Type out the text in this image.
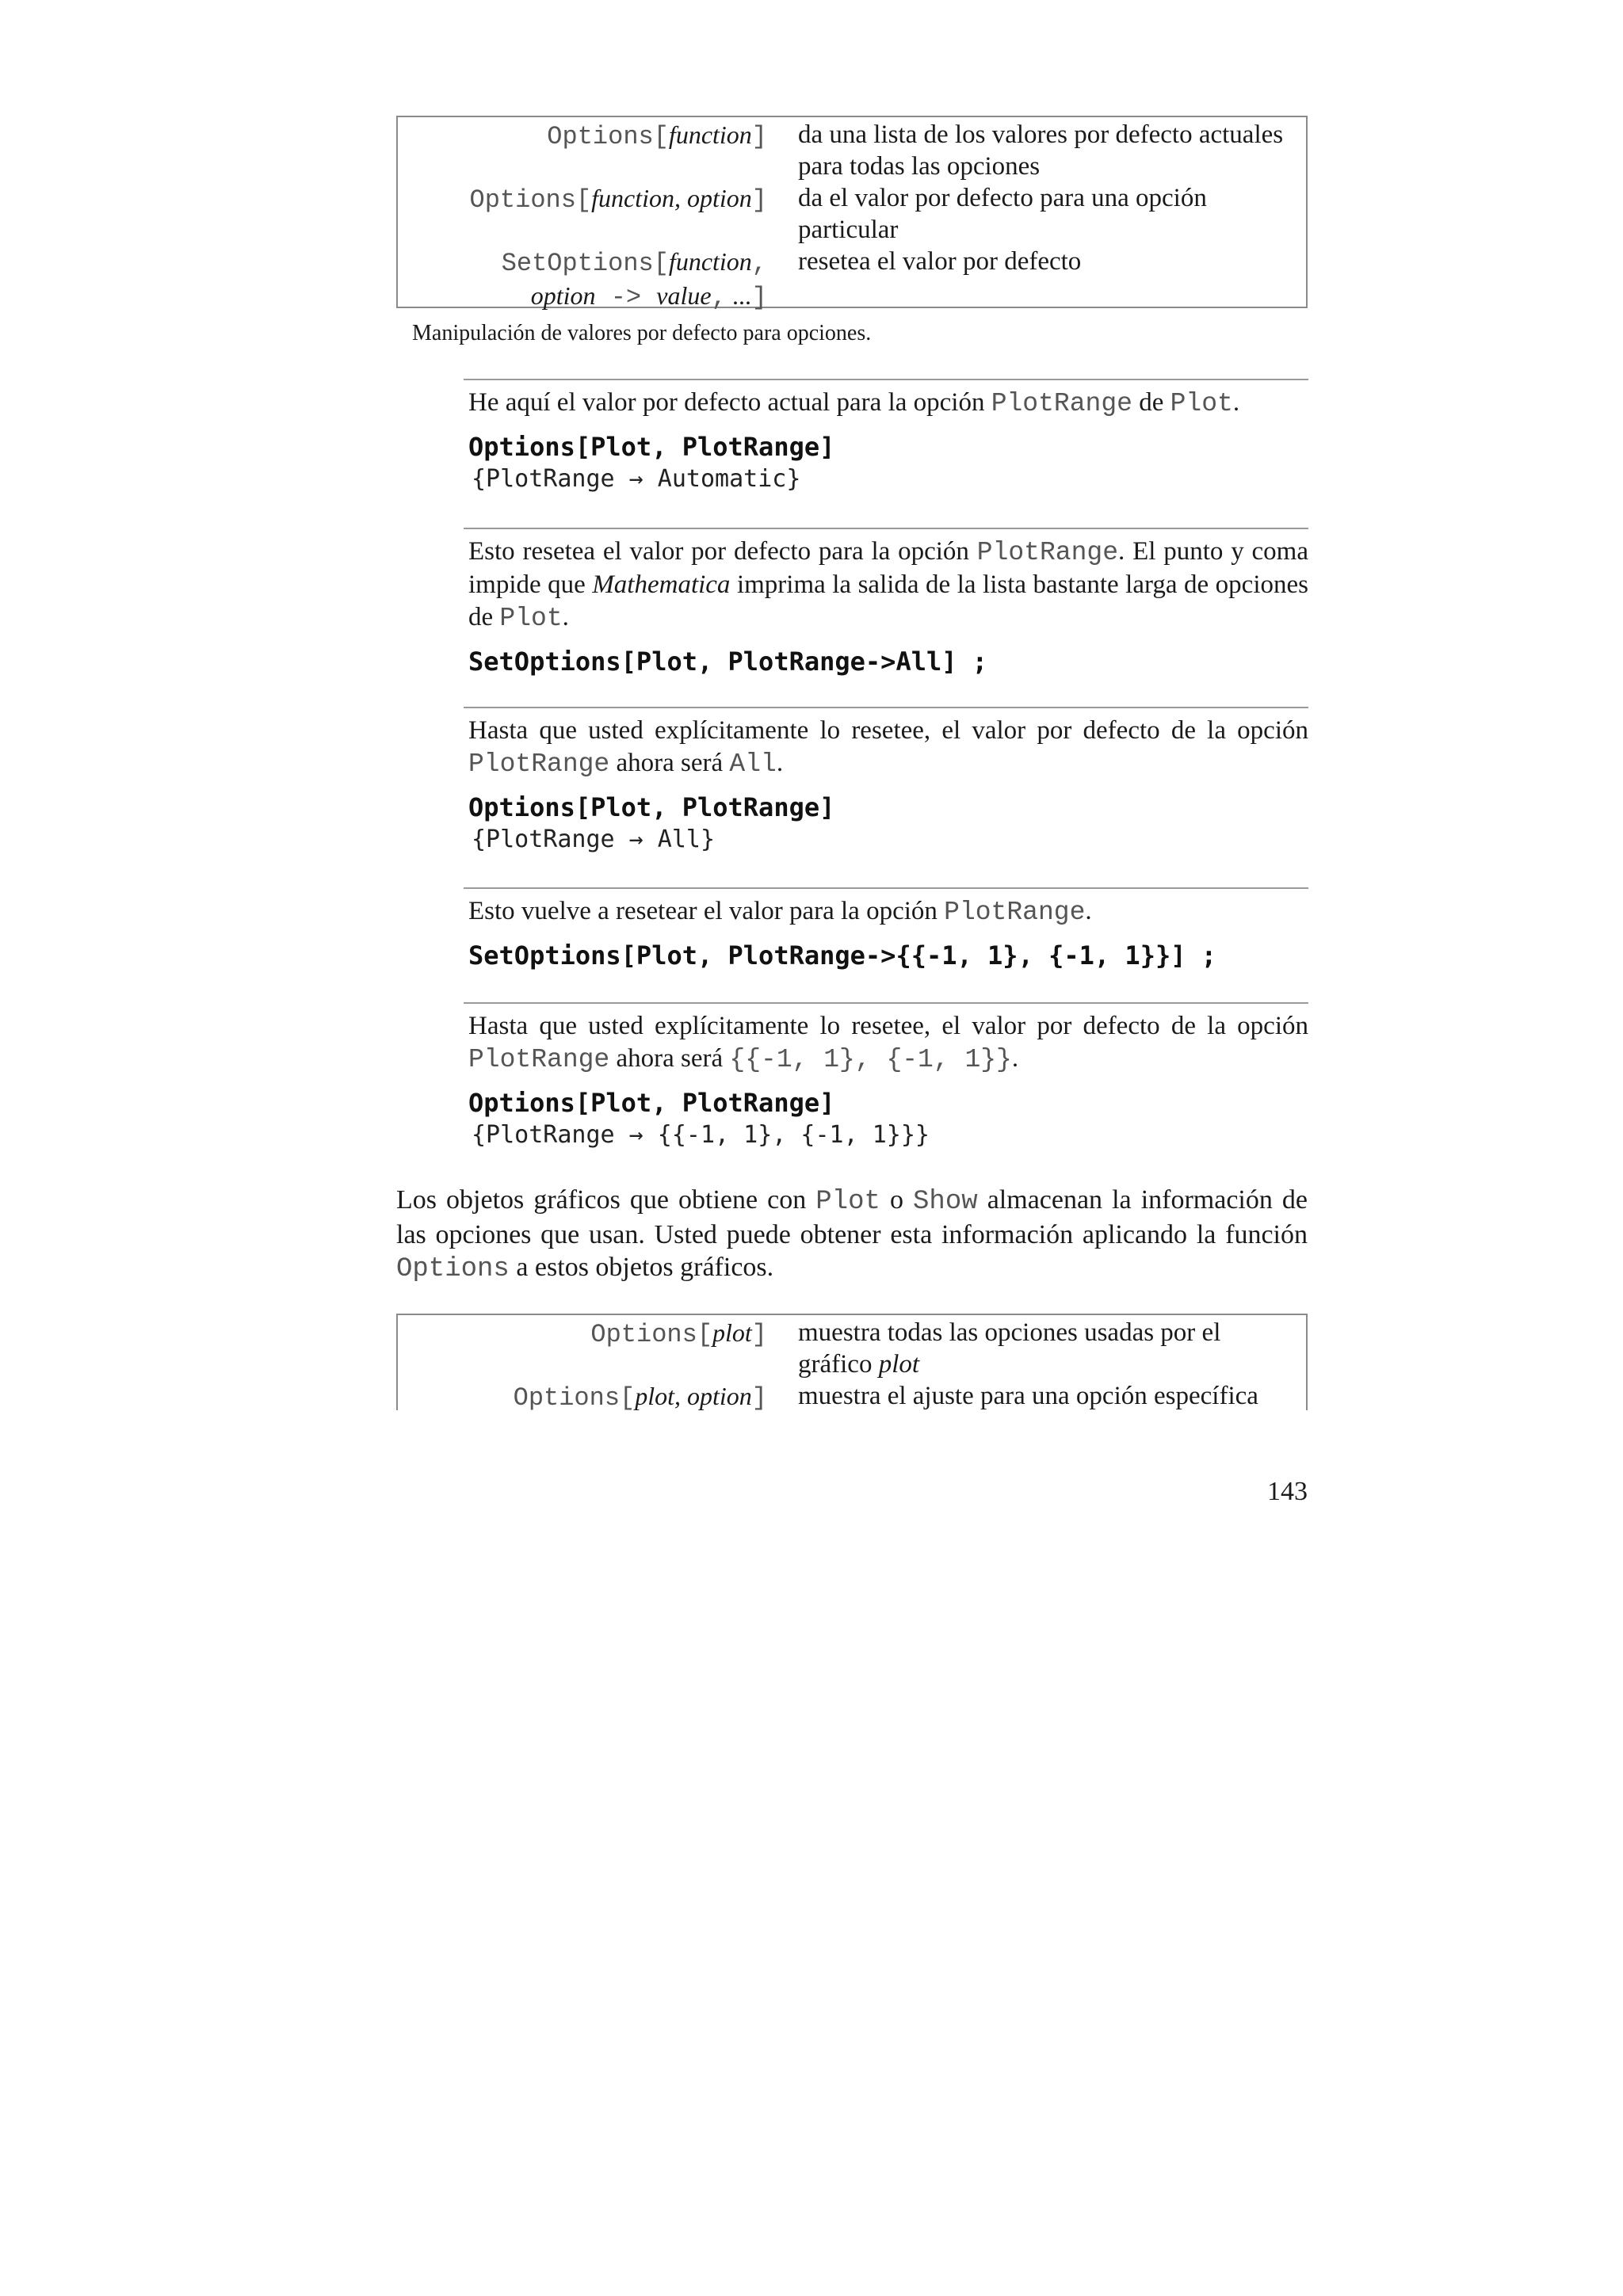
Options[function] da una lista de los valores por defecto actuales para todas las opciones
Options[function, option] da el valor por defecto para una opción particular
SetOptions[function,
option -> value, ...]
resetea el valor por defecto
Manipulación de valores por defecto para opciones.
He aquí el valor por defecto actual para la opción PlotRange de Plot.
Options[Plot, PlotRange]
{PlotRange → Automatic}
Esto resetea el valor por defecto para la opción PlotRange. El punto y coma impide que Mathematica imprima la salida de la lista bastante larga de opciones de Plot.
SetOptions[Plot, PlotRange->All] ;
Hasta que usted explícitamente lo resetee, el valor por defecto de la opción PlotRange ahora será All.
Options[Plot, PlotRange]
{PlotRange → All}
Esto vuelve a resetear el valor para la opción PlotRange.
SetOptions[Plot, PlotRange->{{-1, 1}, {-1, 1}}] ;
Hasta que usted explícitamente lo resetee, el valor por defecto de la opción PlotRange ahora será {{-1, 1}, {-1, 1}}.
Options[Plot, PlotRange]
{PlotRange → {{-1, 1}, {-1, 1}}}
Los objetos gráficos que obtiene con Plot o Show almacenan la información de las opciones que usan. Usted puede obtener esta información aplicando la función Options a estos objetos gráficos.
Options[plot] muestra todas las opciones usadas por el gráfico plot
Options[plot, option] muestra el ajuste para una opción específica
143
